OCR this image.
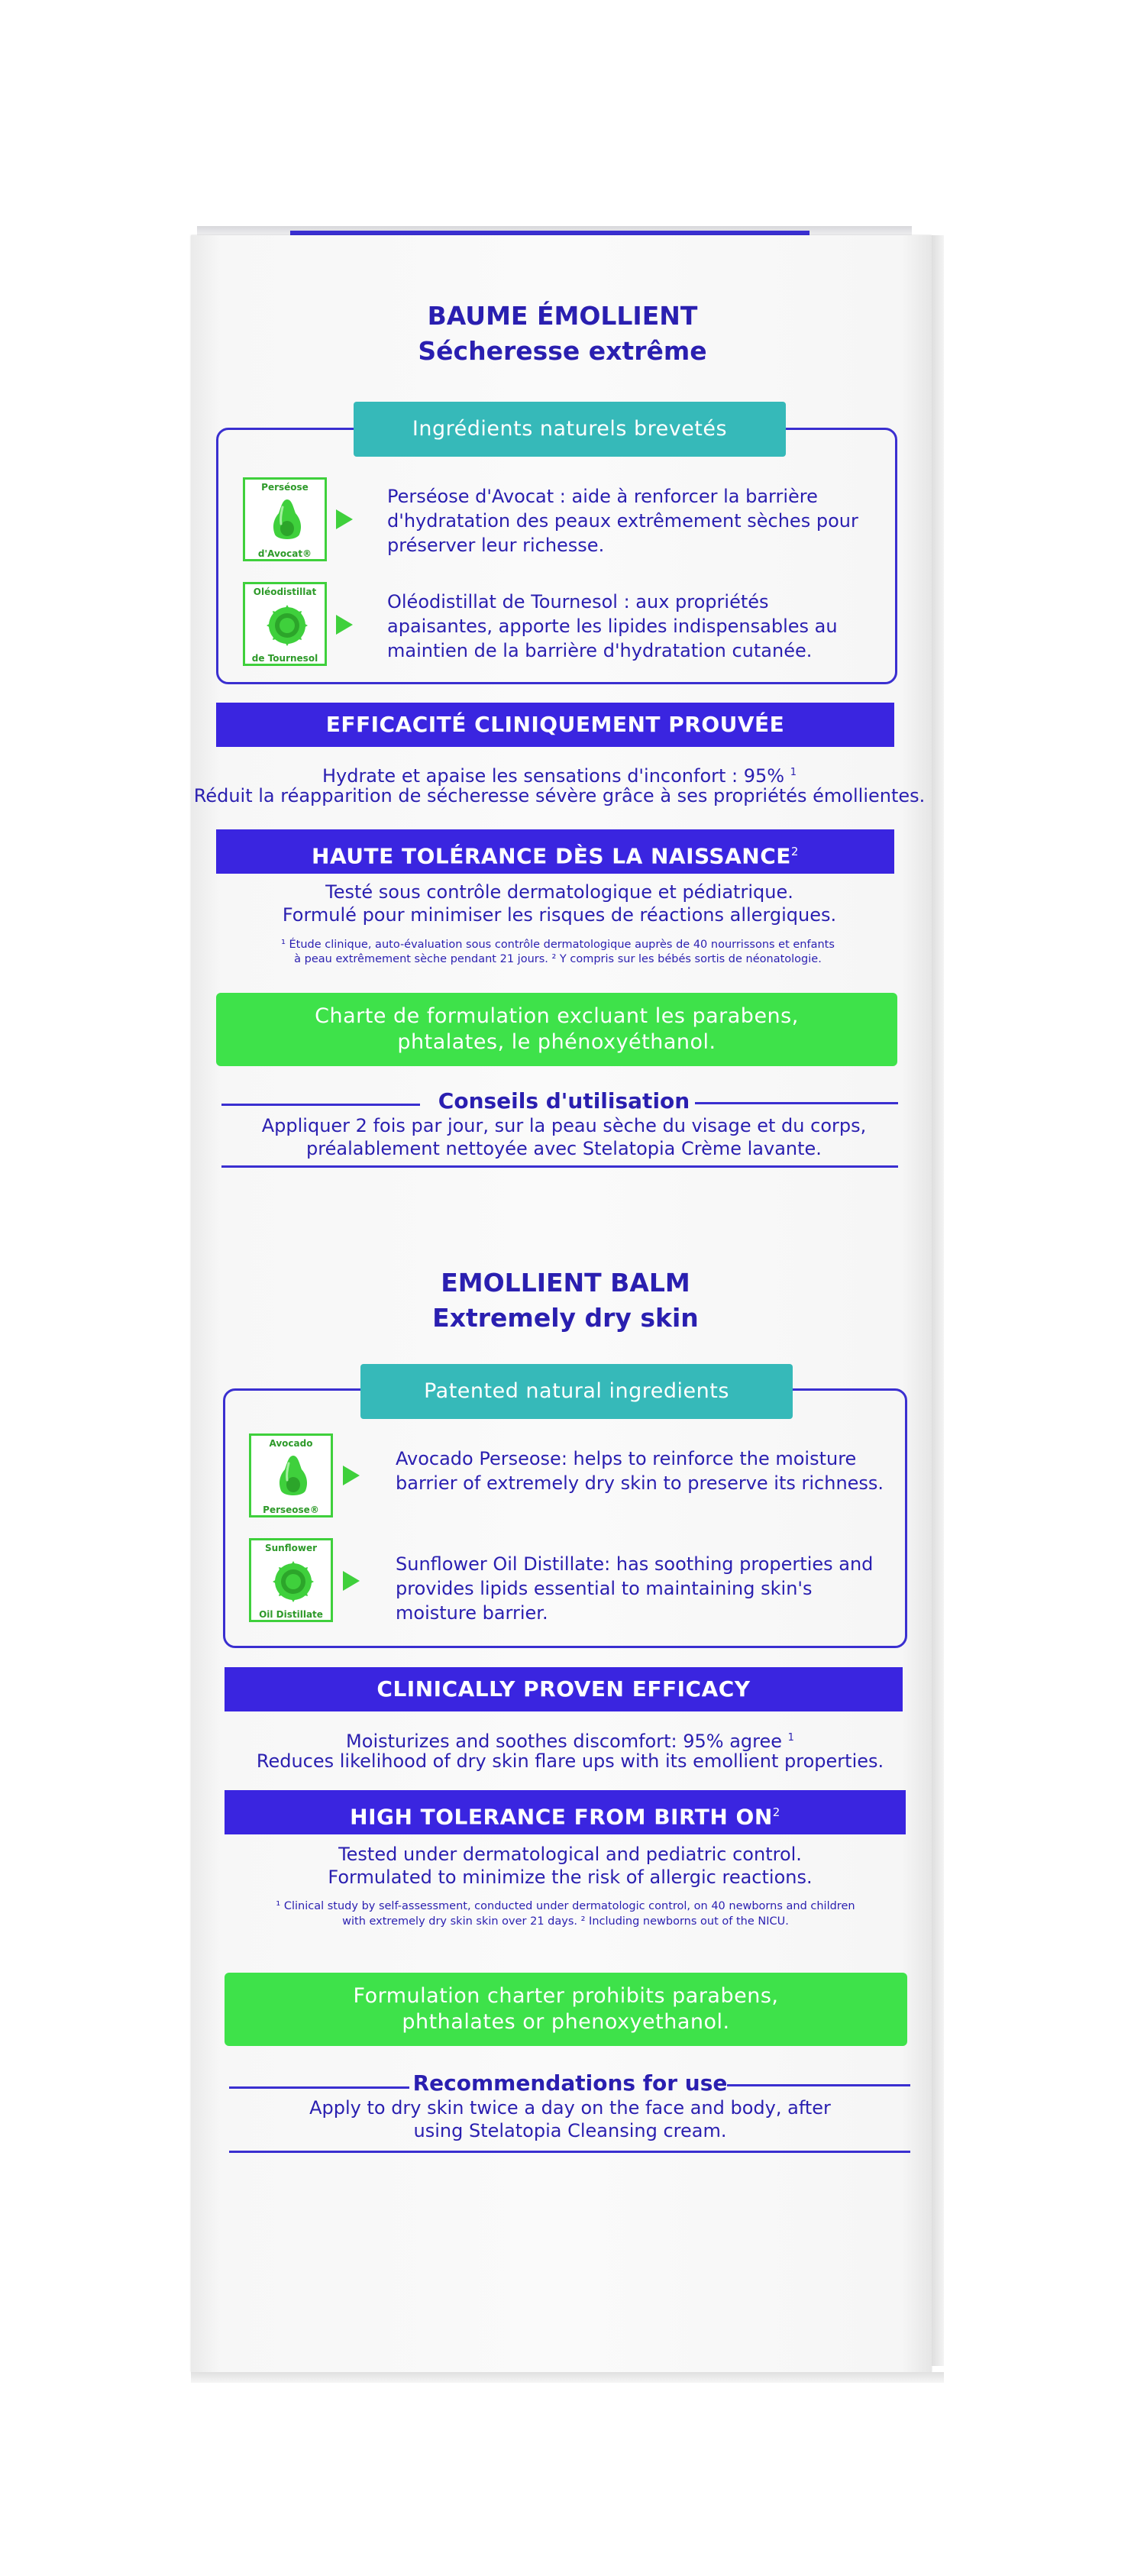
BAUME ÉMOLLIENT
Sécheresse extrême
Ingrédients naturels brevetés
Perséose
d'Avocat®
Perséose d'Avocat : aide à renforcer la barrière
d'hydratation des peaux extrêmement sèches pour
préserver leur richesse.
Oléodistillat
de Tournesol
Oléodistillat de Tournesol : aux propriétés
apaisantes, apporte les lipides indispensables au
maintien de la barrière d'hydratation cutanée.
EFFICACITÉ CLINIQUEMENT PROUVÉE
Hydrate et apaise les sensations d'inconfort : 95% $^1$
Réduit la réapparition de sécheresse sévère grâce à ses propriétés émollientes.
HAUTE TOLÉRANCE DÈS LA NAISSANCE$^2$
Testé sous contrôle dermatologique et pédiatrique.
Formulé pour minimiser les risques de réactions allergiques.
¹ Étude clinique, auto-évaluation sous contrôle dermatologique auprès de 40 nourrissons et enfants
à peau extrêmement sèche pendant 21 jours. ² Y compris sur les bébés sortis de néonatologie.
Charte de formulation excluant les parabens,
phtalates, le phénoxyéthanol.
Conseils d'utilisation
Appliquer 2 fois par jour, sur la peau sèche du visage et du corps,
préalablement nettoyée avec Stelatopia Crème lavante.
EMOLLIENT BALM
Extremely dry skin
Patented natural ingredients
Avocado
Perseose®
Avocado Perseose: helps to reinforce the moisture
barrier of extremely dry skin to preserve its richness.
Sunflower
Oil Distillate
Sunflower Oil Distillate: has soothing properties and
provides lipids essential to maintaining skin's
moisture barrier.
CLINICALLY PROVEN EFFICACY
Moisturizes and soothes discomfort: 95% agree $^1$
Reduces likelihood of dry skin flare ups with its emollient properties.
HIGH TOLERANCE FROM BIRTH $ON^2$
Tested under dermatological and pediatric control.
Formulated to minimize the risk of allergic reactions.
¹ Clinical study by self-assessment, conducted under dermatologic control, on 40 newborns and children
with extremely dry skin skin over 21 days. ² Including newborns out of the NICU.
Formulation charter prohibits parabens,
phthalates or phenoxyethanol.
Recommendations for use
Apply to dry skin twice a day on the face and body, after
using Stelatopia Cleansing cream.
